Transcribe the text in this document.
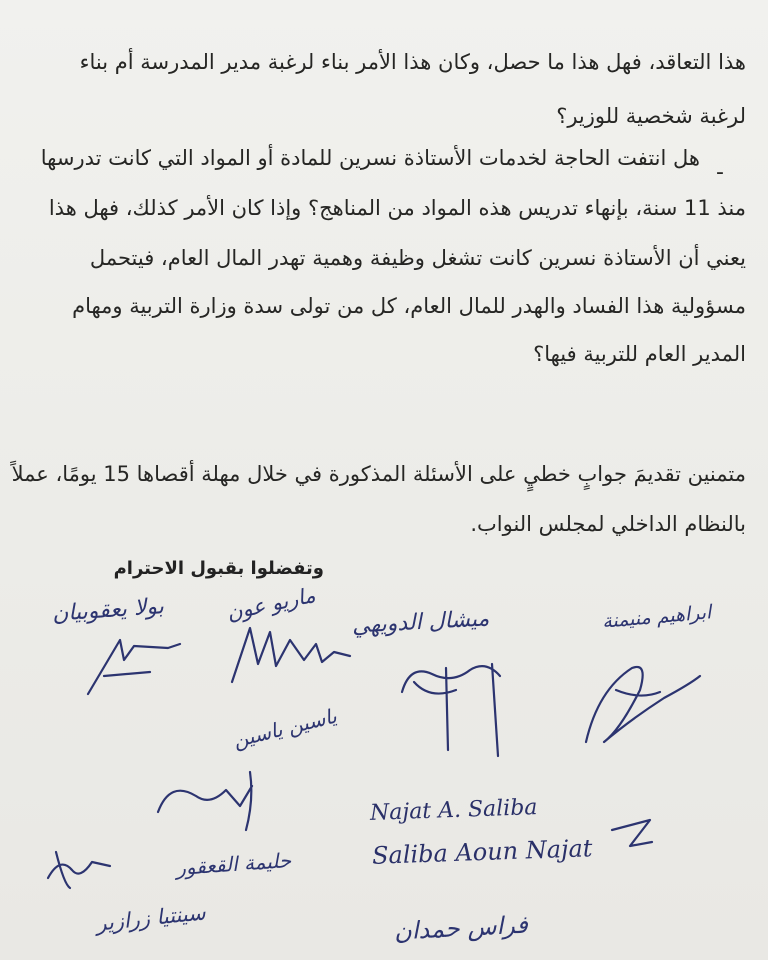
هذا التعاقد، فهل هذا ما حصل، وكان هذا الأمر بناء لرغبة مدير المدرسة أم بناء
لرغبة شخصية للوزير؟
-
هل انتفت الحاجة لخدمات الأستاذة نسرين للمادة أو المواد التي كانت تدرسها
منذ 11 سنة، بإنهاء تدريس هذه المواد من المناهج؟ وإذا كان الأمر كذلك، فهل هذا
يعني أن الأستاذة نسرين كانت تشغل وظيفة وهمية تهدر المال العام، فيتحمل
مسؤولية هذا الفساد والهدر للمال العام، كل من تولى سدة وزارة التربية ومهام
المدير العام للتربية فيها؟
متمنين تقديمَ جوابٍ خطيٍ على الأسئلة المذكورة في خلال مهلة أقصاها 15 يومًا، عملاً
بالنظام الداخلي لمجلس النواب.
وتفضلوا بقبول الاحترام
بولا يعقوبيان	ماريو عون ميشال الدويهي	ابراهيم منيمنة
ياسين ياسين
Najat A. Saliba
Saliba Aoun Najat
حليمة القعقور
سينتيا زرازير	فراس حمدان
